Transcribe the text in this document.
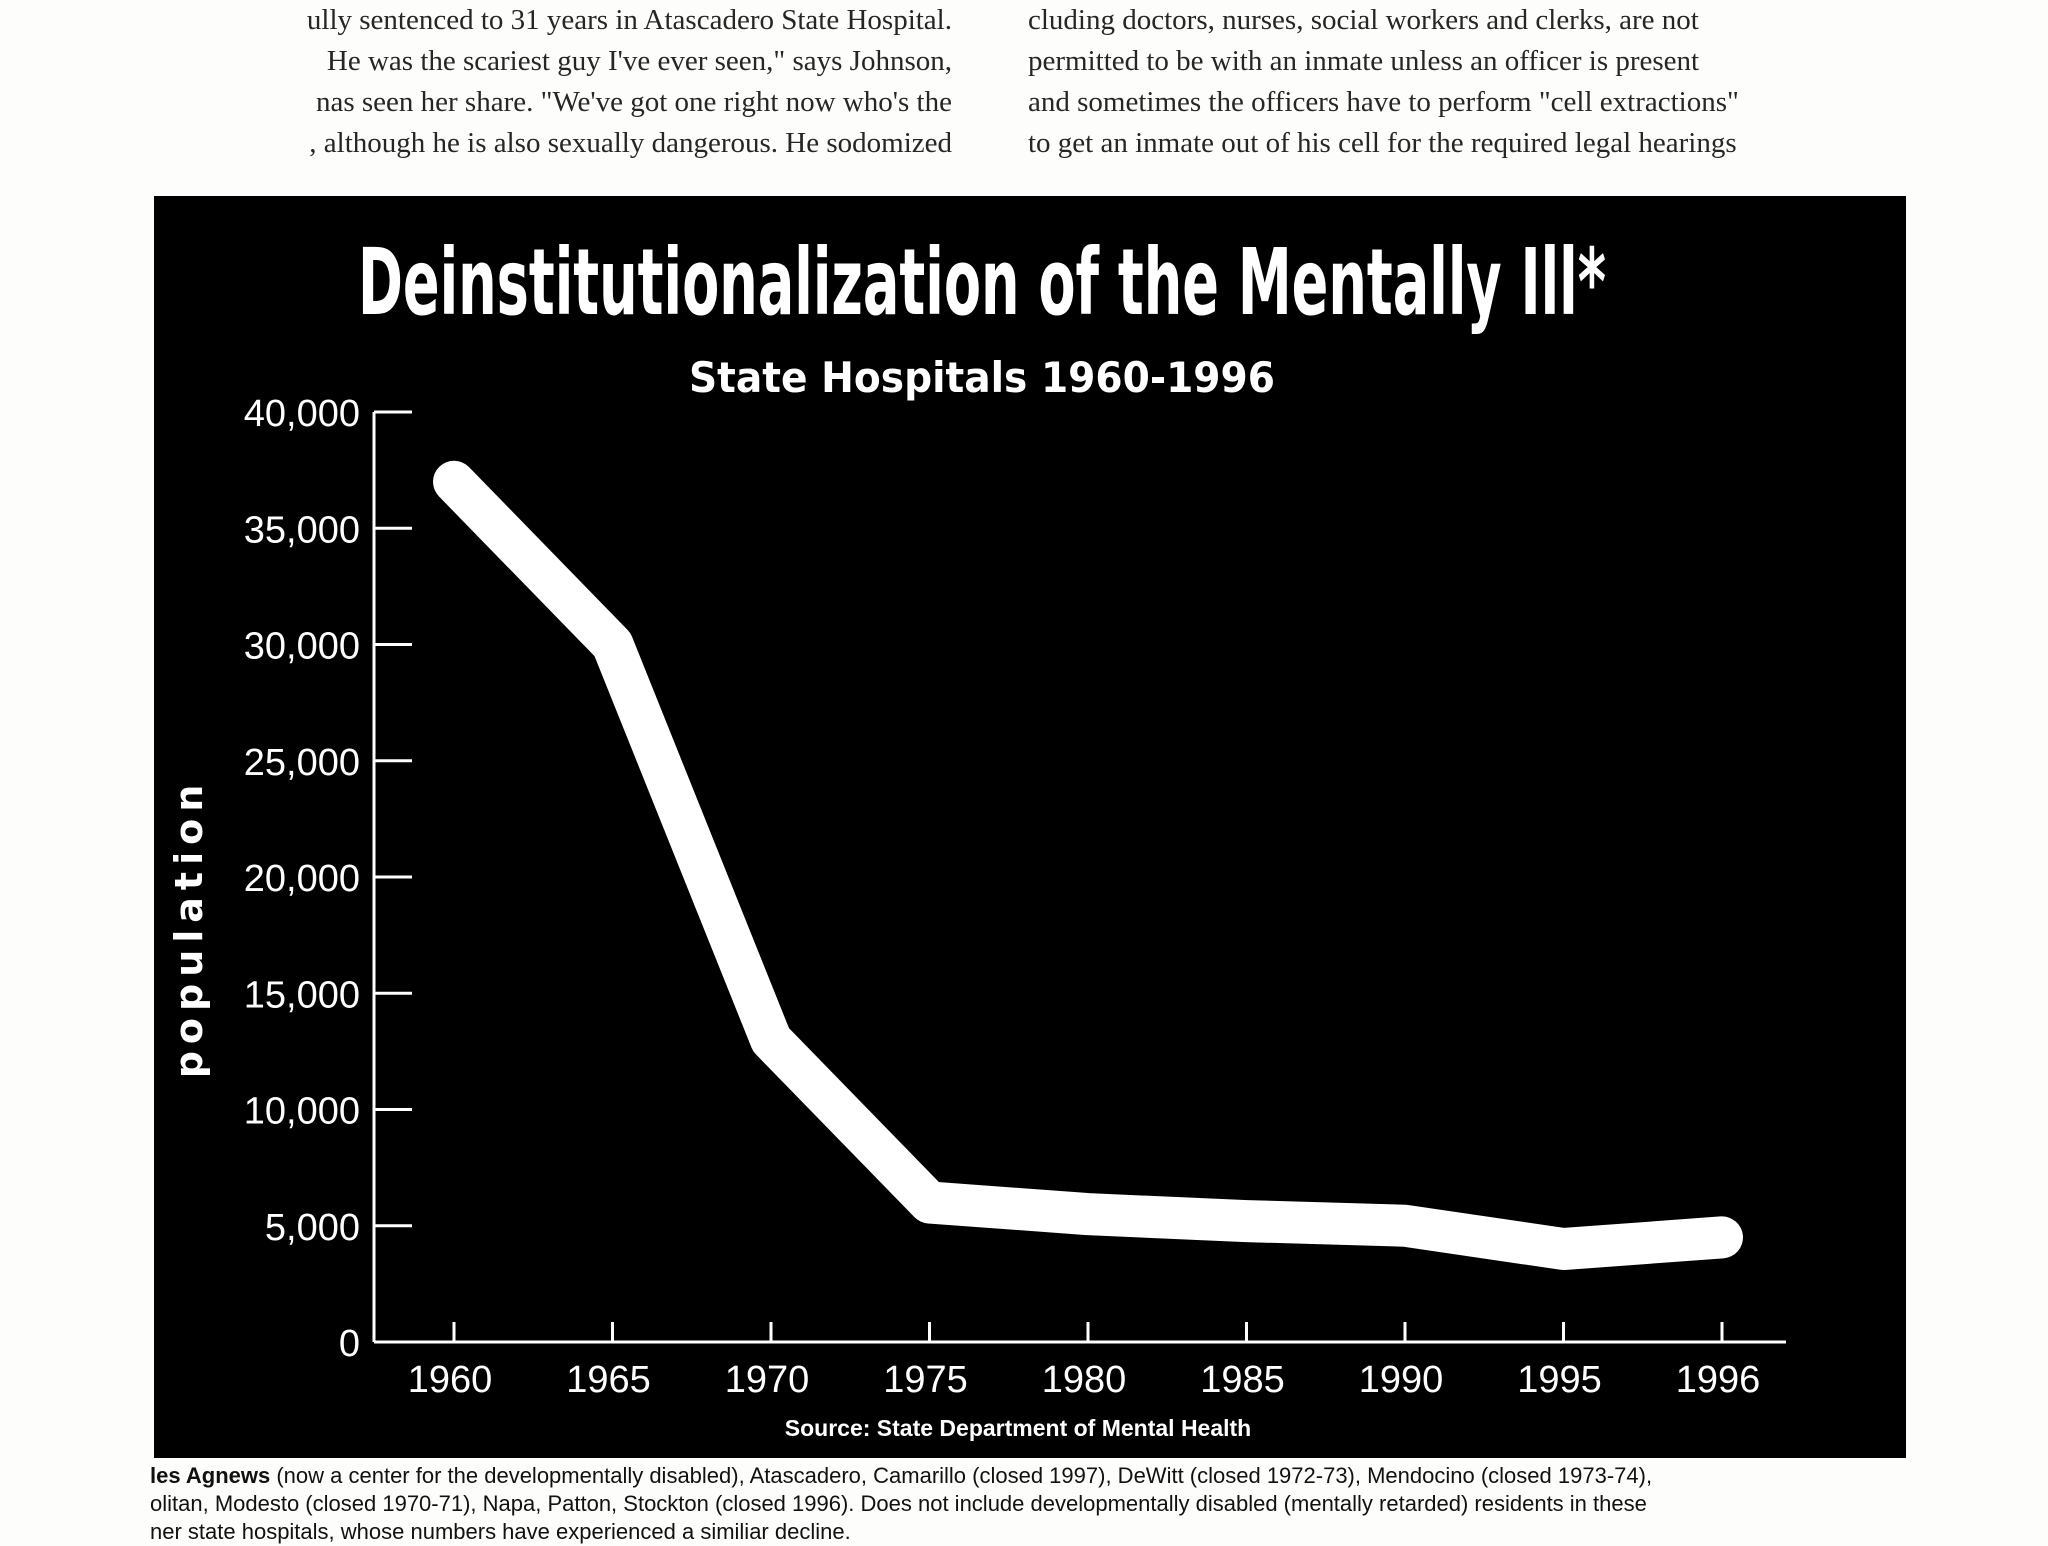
ully sentenced to 31 years in Atascadero State Hospital.
He was the scariest guy I've ever seen," says Johnson,
nas seen her share. "We've got one right now who's the
, although he is also sexually dangerous. He sodomized
cluding doctors, nurses, social workers and clerks, are not
permitted to be with an inmate unless an officer is present
and sometimes the officers have to perform "cell extractions"
to get an inmate out of his cell for the required legal hearings
Deinstitutionalization of the Mentally Ill*
State Hospitals 1960-1996
0
5,000
10,000
15,000
20,000
25,000
30,000
35,000
40,000
population
1960 1965 1970 1975 1980 1985 1990 1995 1996
Source: State Department of Mental Health
les Agnews (now a center for the developmentally disabled), Atascadero, Camarillo (closed 1997), DeWitt (closed 1972-73), Mendocino (closed 1973-74),
olitan, Modesto (closed 1970-71), Napa, Patton, Stockton (closed 1996). Does not include developmentally disabled (mentally retarded) residents in these
ner state hospitals, whose numbers have experienced a similiar decline.
